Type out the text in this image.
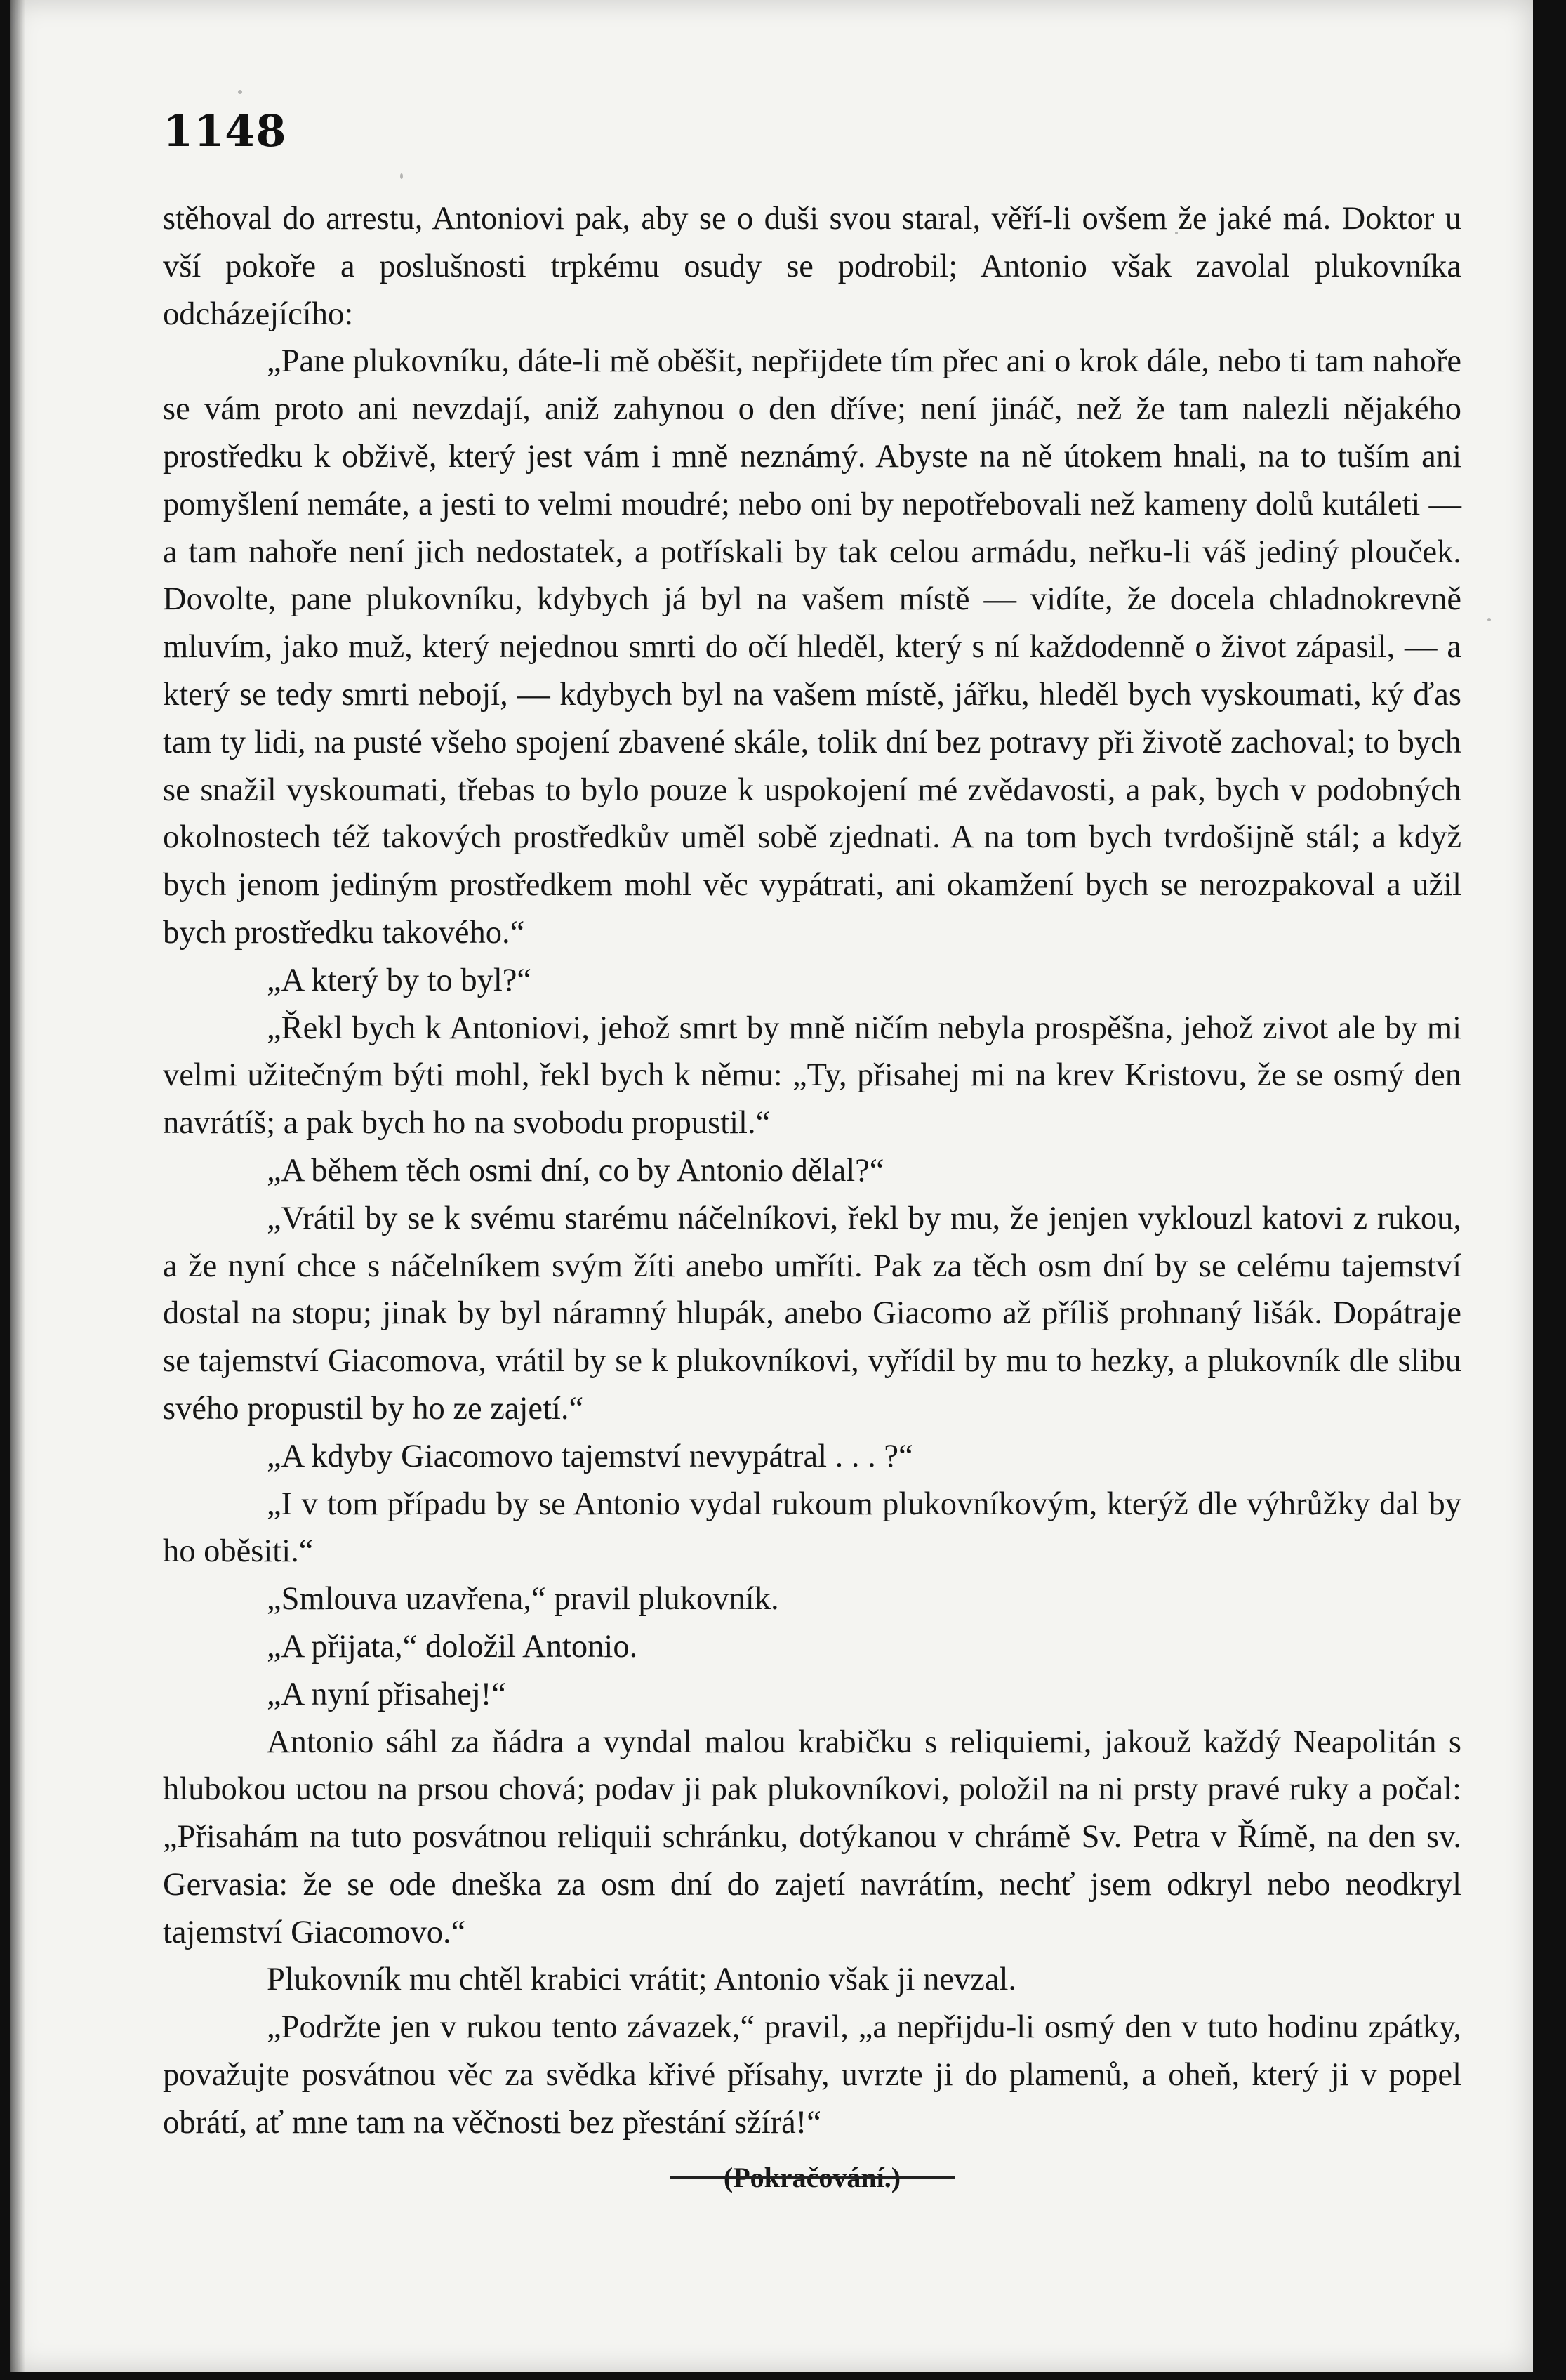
1148

stěhoval do arrestu, Antoniovi pak, aby se o duši svou staral, věří-li ovšem že jaké má. Doktor u vší pokoře a poslušnosti trpkému osudy se podrobil; Antonio však zavolal plukovníka odcházejícího:

„Pane plukovníku, dáte-li mě oběšit, nepřijdete tím přec ani o krok dále, nebo ti tam nahoře se vám proto ani nevzdají, aniž zahynou o den dříve; není jináč, než že tam nalezli nějakého prostředku k obživě, který jest vám i mně neznámý. Abyste na ně útokem hnali, na to tuším ani pomyšlení nemáte, a jesti to velmi moudré; nebo oni by nepotřebovali než kameny dolů kutáleti — a tam nahoře není jich nedostatek, a potřískali by tak celou armádu, neřku-li váš jediný plouček. Dovolte, pane plukovníku, kdybych já byl na vašem místě — vidíte, že docela chladnokrevně mluvím, jako muž, který nejednou smrti do očí hleděl, který s ní každodenně o život zápasil, — a který se tedy smrti nebojí, — kdybych byl na vašem místě, jářku, hleděl bych vyskoumati, ký ďas tam ty lidi, na pusté všeho spojení zbavené skále, tolik dní bez potravy při životě zachoval; to bych se snažil vyskoumati, třebas to bylo pouze k uspokojení mé zvědavosti, a pak, bych v podobných okolnostech též takových prostředkův uměl sobě zjednati. A na tom bych tvrdošijně stál; a když bych jenom jediným prostředkem mohl věc vypátrati, ani okamžení bych se nerozpakoval a užil bych prostředku takového.“

„A který by to byl?“

„Řekl bych k Antoniovi, jehož smrt by mně ničím nebyla prospěšna, jehož zivot ale by mi velmi užitečným býti mohl, řekl bych k němu: „Ty, přisahej mi na krev Kristovu, že se osmý den navrátíš; a pak bych ho na svobodu propustil.“

„A během těch osmi dní, co by Antonio dělal?“

„Vrátil by se k svému starému náčelníkovi, řekl by mu, že jenjen vyklouzl katovi z rukou, a že nyní chce s náčelníkem svým žíti anebo umříti. Pak za těch osm dní by se celému tajemství dostal na stopu; jinak by byl náramný hlupák, anebo Giacomo až příliš prohnaný lišák. Dopátraje se tajemství Giacomova, vrátil by se k plukovníkovi, vyřídil by mu to hezky, a plukovník dle slibu svého propustil by ho ze zajetí.“

„A kdyby Giacomovo tajemství nevypátral . . . ?“

„I v tom případu by se Antonio vydal rukoum plukovníkovým, kterýž dle výhrůžky dal by ho oběsiti.“

„Smlouva uzavřena,“ pravil plukovník.

„A přijata,“ doložil Antonio.

„A nyní přisahej!“

Antonio sáhl za ňádra a vyndal malou krabičku s reliquiemi, jakouž každý Neapolitán s hlubokou uctou na prsou chová; podav ji pak plukovníkovi, položil na ni prsty pravé ruky a počal: „Přisahám na tuto posvátnou reliquii schránku, dotýkanou v chrámě Sv. Petra v Římě, na den sv. Gervasia: že se ode dneška za osm dní do zajetí navrátím, nechť jsem odkryl nebo neodkryl tajemství Giacomovo.“

Plukovník mu chtěl krabici vrátit; Antonio však ji nevzal.

„Podržte jen v rukou tento závazek,“ pravil, „a nepřijdu-li osmý den v tuto hodinu zpátky, považujte posvátnou věc za svědka křivé přísahy, uvrzte ji do plamenů, a oheň, který ji v popel obrátí, ať mne tam na věčnosti bez přestání sžírá!“

(Pokračování.)
